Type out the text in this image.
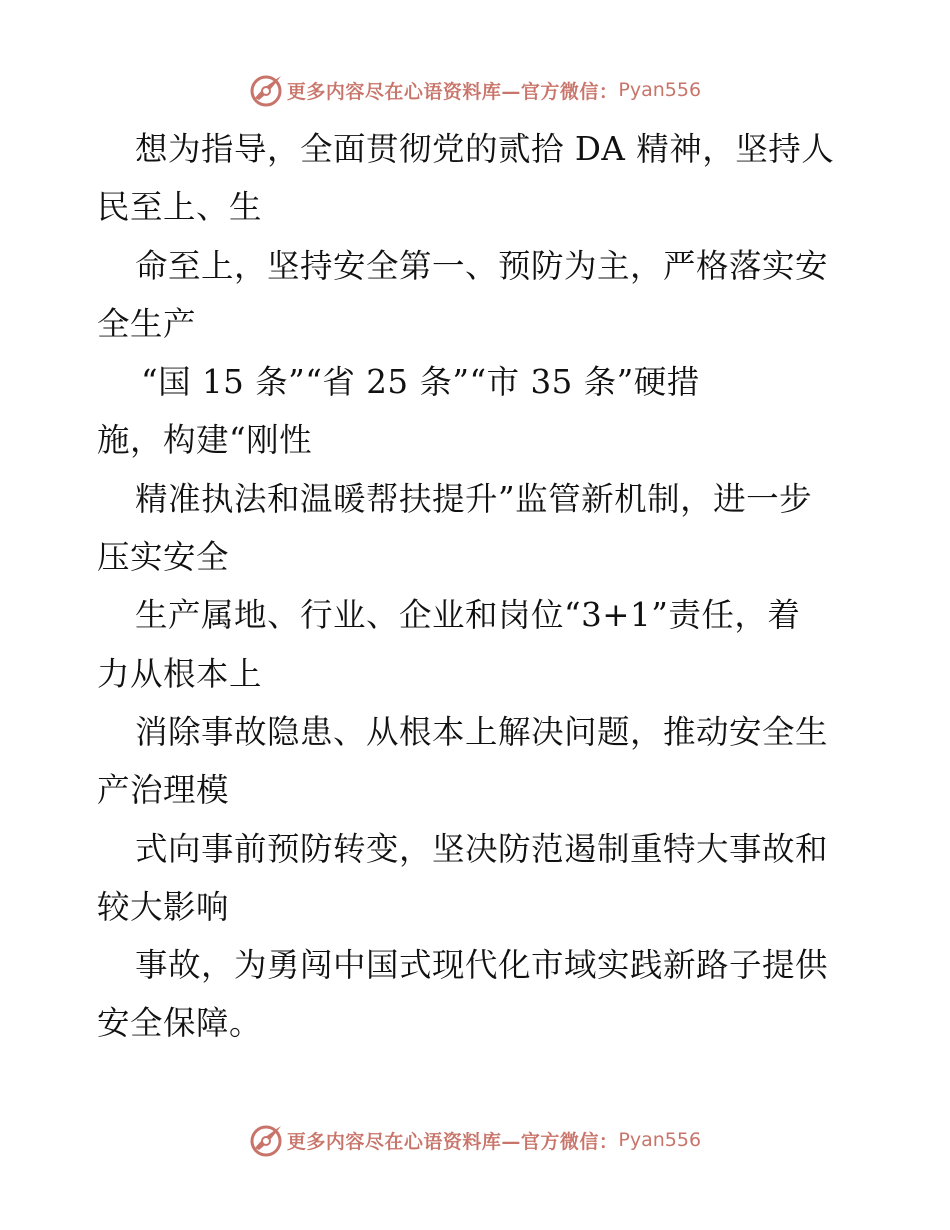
更多内容尽在心语资料库—官方微信： Pyan556
想为指导，全面贯彻党的贰拾 DA 精神，坚持人
民至上、生
命至上，坚持安全第一、预防为主，严格落实安
全生产
“国 15 条”“省 25 条”“市 35 条”硬措
施，构建“刚性
精准执法和温暖帮扶提升”监管新机制，进一步
压实安全
生产属地、行业、企业和岗位“3+1”责任，着
力从根本上
消除事故隐患、从根本上解决问题，推动安全生
产治理模
式向事前预防转变，坚决防范遏制重特大事故和
较大影响
事故，为勇闯中国式现代化市域实践新路子提供
安全保障。
更多内容尽在心语资料库—官方微信： Pyan556
